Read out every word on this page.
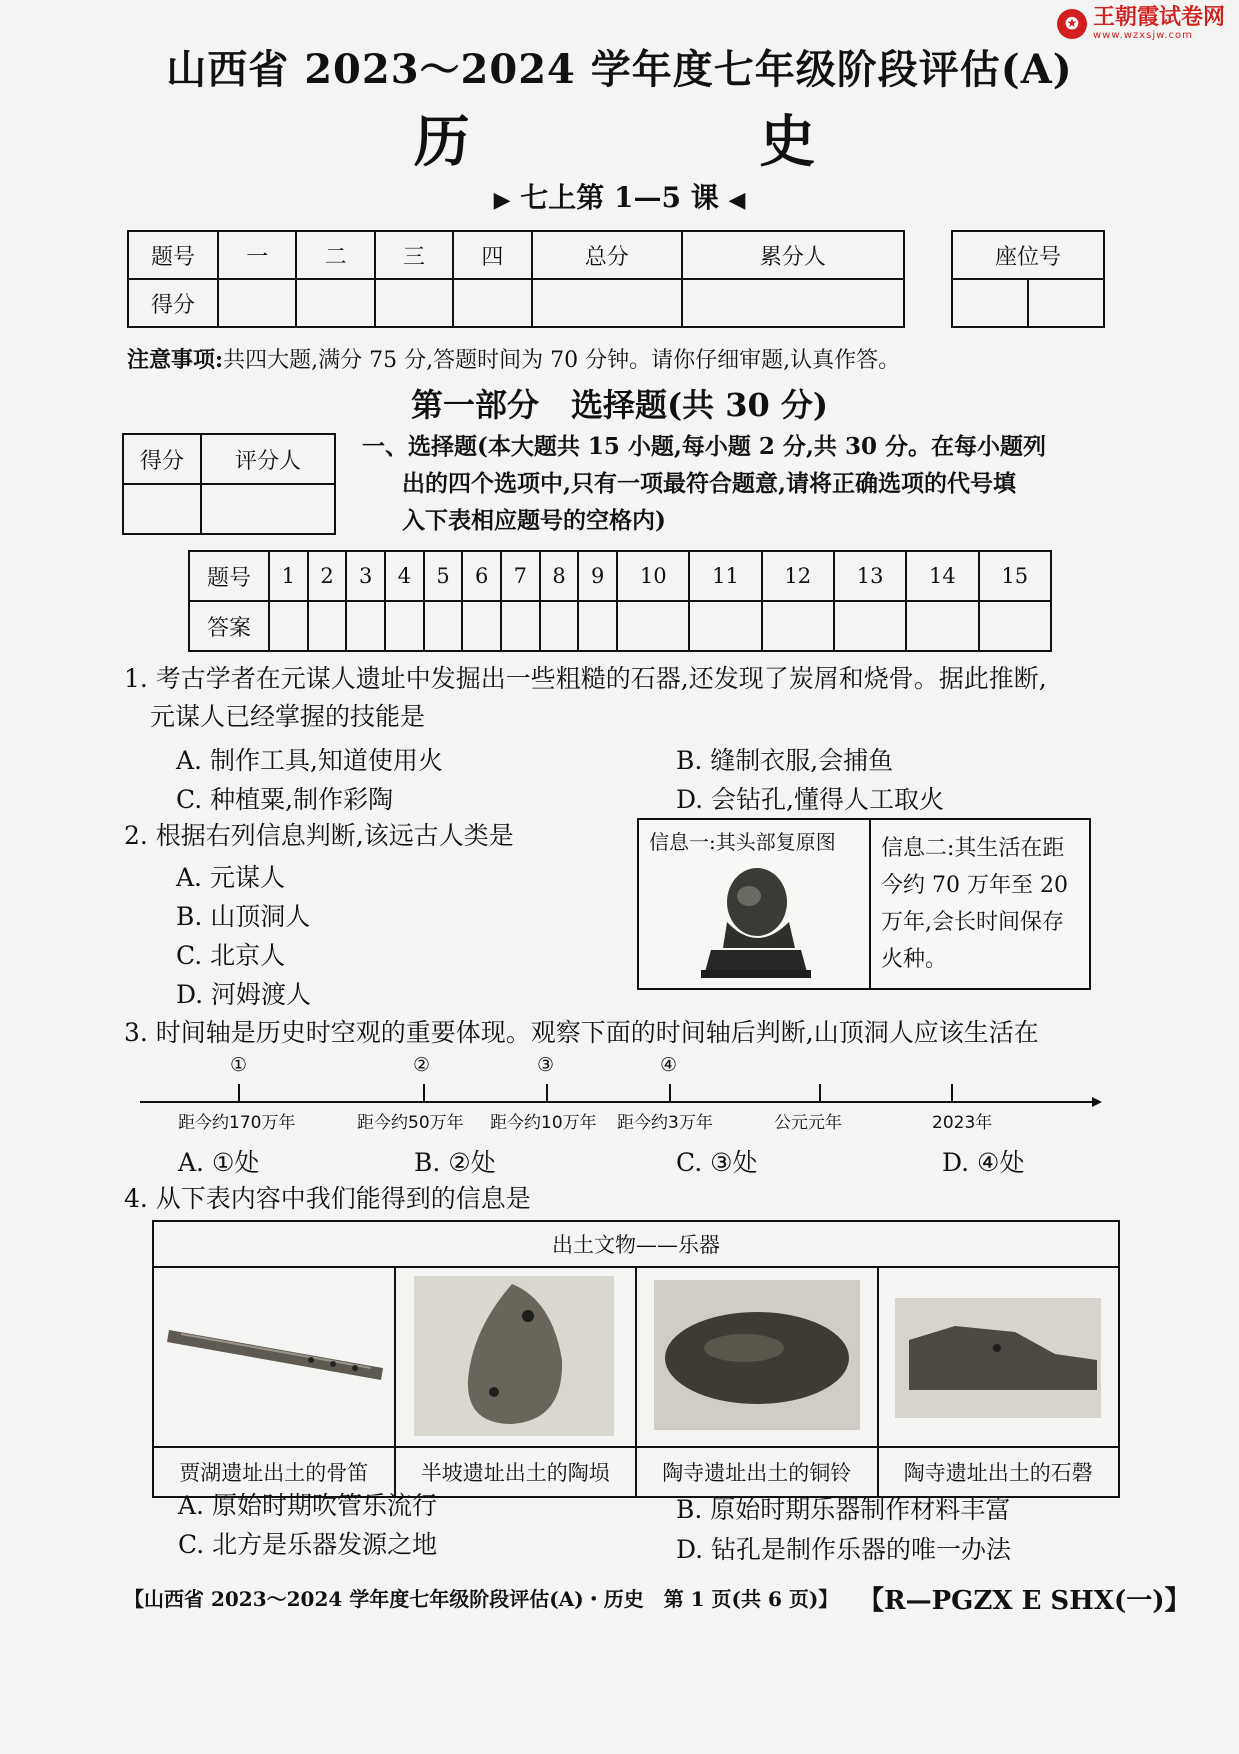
✪ 王朝霞试卷网
www.wzxsjw.com
山西省 2023～2024 学年度七年级阶段评估(A)
历 史
▶ 七上第 1—5 课 ◀
题号	一	二	三	四	总分	累分人
得分						
座位号

注意事项:共四大题,满分 75 分,答题时间为 70 分钟。请你仔细审题,认真作答。
第一部分　选择题(共 30 分)
得分	评分人

一、选择题(本大题共 15 小题,每小题 2 分,共 30 分。在每小题列
出的四个选项中,只有一项最符合题意,请将正确选项的代号填
入下表相应题号的空格内)
题号	1	2	3	4	5	6	7	8	9	10	11	12	13	14	15
答案															
1. 考古学者在元谋人遗址中发掘出一些粗糙的石器,还发现了炭屑和烧骨。据此推断,
元谋人已经掌握的技能是
A. 制作工具,知道使用火	B. 缝制衣服,会捕鱼
C. 种植粟,制作彩陶	D. 会钻孔,懂得人工取火
2. 根据右列信息判断,该远古人类是
A. 元谋人
B. 山顶洞人
C. 北京人
D. 河姆渡人
信息一:其头部复原图	信息二:其生活在距
今约 70 万年至 20
万年,会长时间保存
火种。
3. 时间轴是历史时空观的重要体现。观察下面的时间轴后判断,山顶洞人应该生活在
①	②	③	④
距今约170万年	距今约50万年 距今约10万年 距今约3万年	公元元年	2023年
A. ①处	B. ②处	C. ③处	D. ④处
4. 从下表内容中我们能得到的信息是
出土文物——乐器			

贾湖遗址出土的骨笛	半坡遗址出土的陶埙	陶寺遗址出土的铜铃	陶寺遗址出土的石磬
A. 原始时期吹管乐流行	B. 原始时期乐器制作材料丰富
C. 北方是乐器发源之地	D. 钻孔是制作乐器的唯一办法
【山西省 2023～2024 学年度七年级阶段评估(A)・历史　第 1 页(共 6 页)】 【R—PGZX E SHX(一)】
